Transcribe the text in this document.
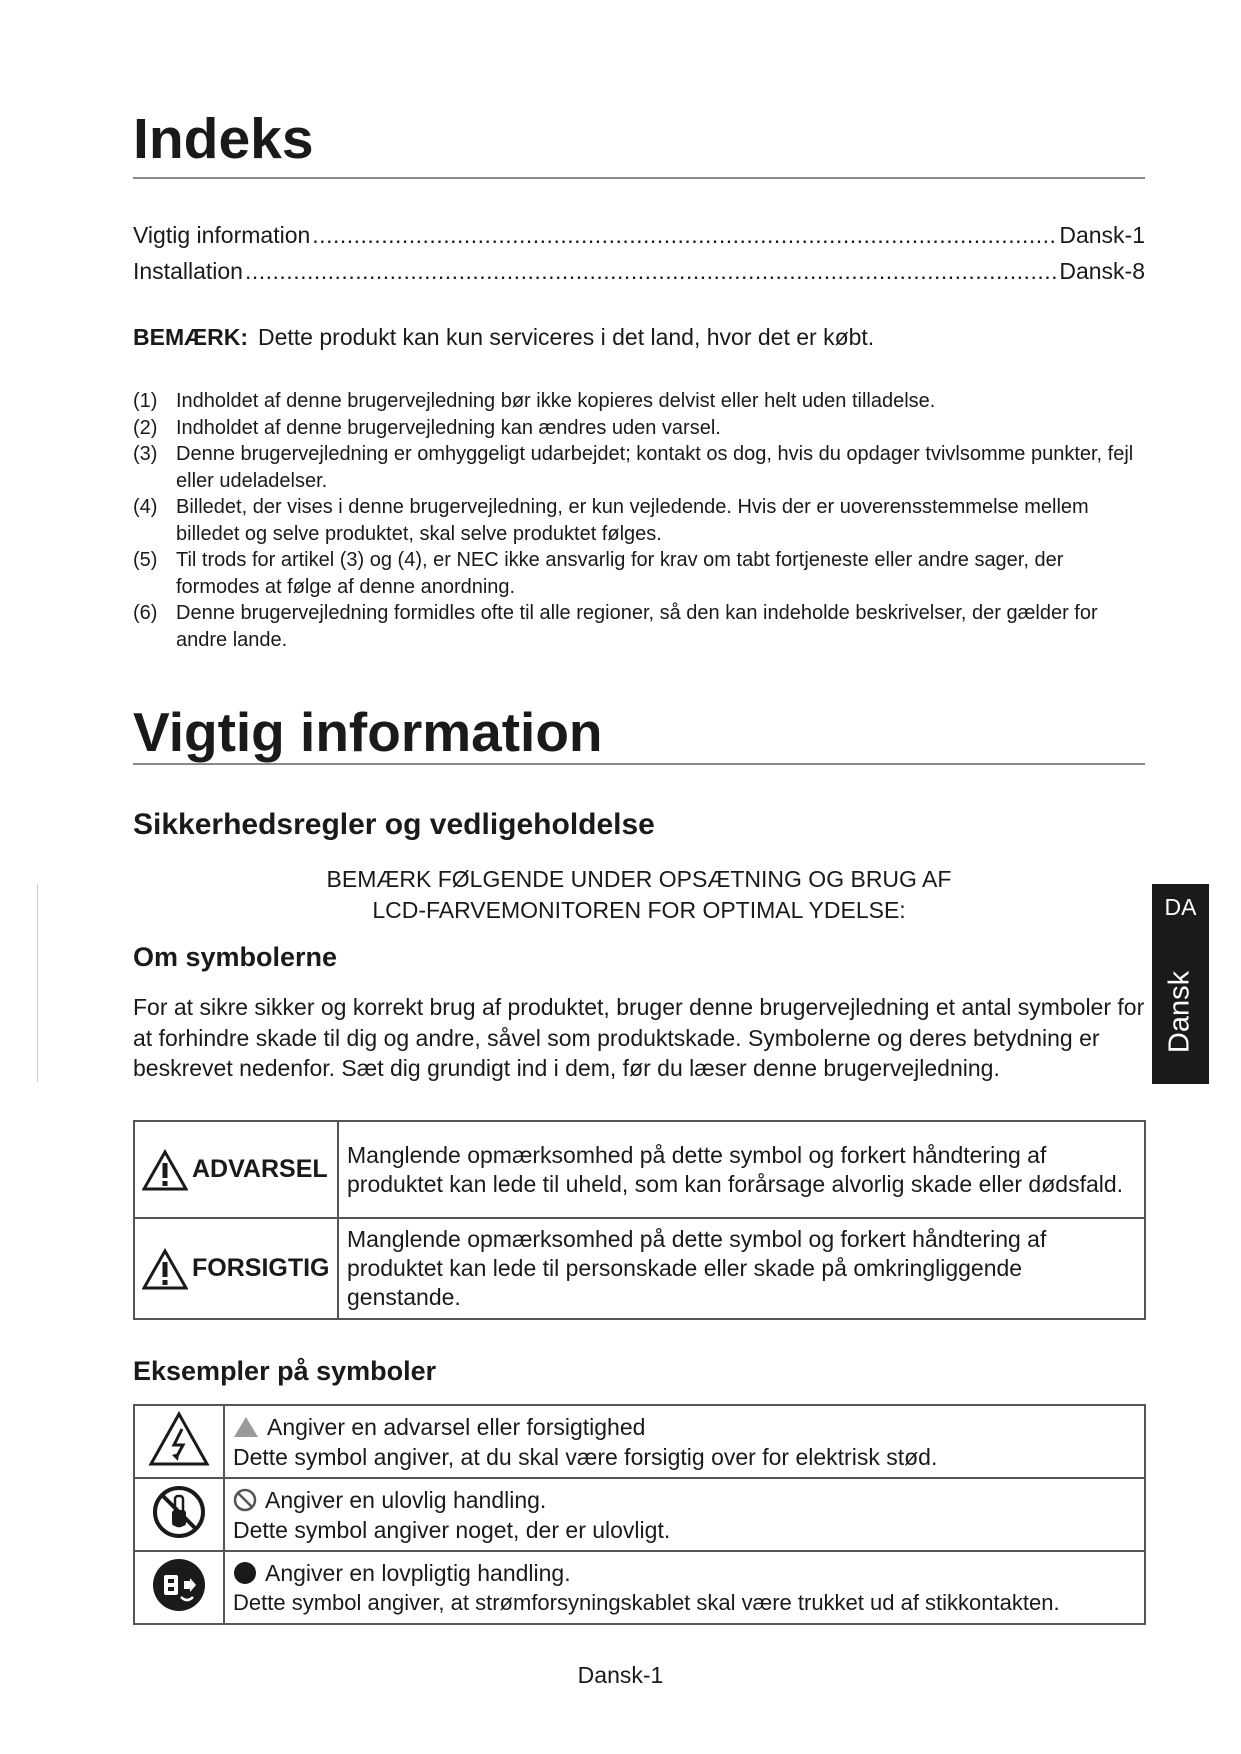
Indeks
Vigtig information .....	Dansk-1
Installation .....	Dansk-8
BEMÆRK: Dette produkt kan kun serviceres i det land, hvor det er købt.
(1) Indholdet af denne brugervejledning bør ikke kopieres delvist eller helt uden tilladelse.
(2) Indholdet af denne brugervejledning kan ændres uden varsel.
(3) Denne brugervejledning er omhyggeligt udarbejdet; kontakt os dog, hvis du opdager tvivlsomme punkter, fejl eller udeladelser.
(4) Billedet, der vises i denne brugervejledning, er kun vejledende. Hvis der er uoverensstemmelse mellem billedet og selve produktet, skal selve produktet følges.
(5) Til trods for artikel (3) og (4), er NEC ikke ansvarlig for krav om tabt fortjeneste eller andre sager, der formodes at følge af denne anordning.
(6) Denne brugervejledning formidles ofte til alle regioner, så den kan indeholde beskrivelser, der gælder for andre lande.
Vigtig information
Sikkerhedsregler og vedligeholdelse
BEMÆRK FØLGENDE UNDER OPSÆTNING OG BRUG AF
LCD-FARVEMONITOREN FOR OPTIMAL YDELSE:
Om symbolerne
For at sikre sikker og korrekt brug af produktet, bruger denne brugervejledning et antal symboler for at forhindre skade til dig og andre, såvel som produktskade. Symbolerne og deres betydning er beskrevet nedenfor. Sæt dig grundigt ind i dem, før du læser denne brugervejledning.
ADVARSEL	Manglende opmærksomhed på dette symbol og forkert håndtering af produktet kan lede til uheld, som kan forårsage alvorlig skade eller dødsfald.

FORSIGTIG	Manglende opmærksomhed på dette symbol og forkert håndtering af produktet kan lede til personskade eller skade på omkringliggende genstande.
Eksempler på symboler

Angiver en advarsel eller forsigtighed
Dette symbol angiver, at du skal være forsigtig over for elektrisk stød.

Angiver en ulovlig handling.
Dette symbol angiver noget, der er ulovligt.

Angiver en lovpligtig handling.
Dette symbol angiver, at strømforsyningskablet skal være trukket ud af stikkontakten.
DA
Dansk
Dansk-1
